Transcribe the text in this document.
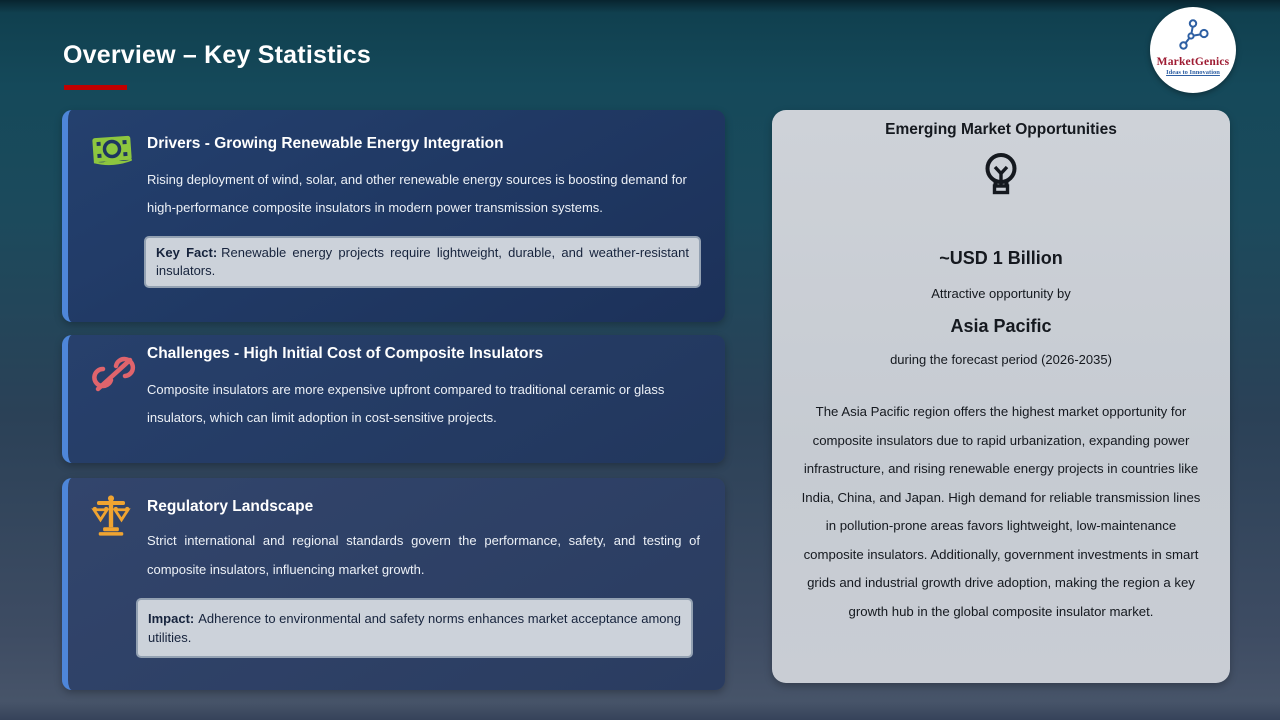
Overview – Key Statistics	MarketGenics
Ideas to Innovation
Drivers - Growing Renewable Energy Integration
Rising deployment of wind, solar, and other renewable energy sources is boosting demand for high-performance composite insulators in modern power transmission systems.
Key Fact: Renewable energy projects require lightweight, durable, and weather-resistant insulators.
Challenges - High Initial Cost of Composite Insulators
Composite insulators are more expensive upfront compared to traditional ceramic or glass insulators, which can limit adoption in cost-sensitive projects.
Regulatory Landscape
Strict international and regional standards govern the performance, safety, and testing of composite insulators, influencing market growth.
Impact: Adherence to environmental and safety norms enhances market acceptance among utilities.
Emerging Market Opportunities
~USD 1 Billion
Attractive opportunity by
Asia Pacific
during the forecast period (2026-2035)
The Asia Pacific region offers the highest market opportunity for composite insulators due to rapid urbanization, expanding power infrastructure, and rising renewable energy projects in countries like India, China, and Japan. High demand for reliable transmission lines in pollution-prone areas favors lightweight, low-maintenance composite insulators. Additionally, government investments in smart grids and industrial growth drive adoption, making the region a key growth hub in the global composite insulator market.
